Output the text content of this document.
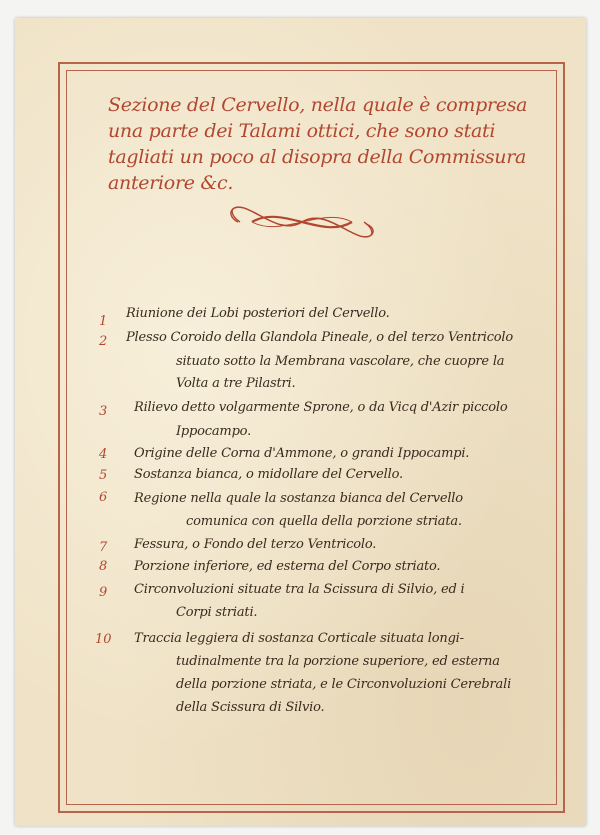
Sezione del Cervello, nella quale è compresa una parte dei Talami ottici, che sono stati tagliati un poco al disopra della Commissura anteriore &c.
1
Riunione dei Lobi posteriori del Cervello.
2 Plesso Coroido della Glandola Pineale, o del terzo Ventricolo
situato sotto la Membrana vascolare, che cuopre la
Volta a tre Pilastri.
3 Rilievo detto volgarmente Sprone, o da Vicq d'Azir piccolo
Ippocampo.
4 Origine delle Corna d'Ammone, o grandi Ippocampi.
5 Sostanza bianca, o midollare del Cervello.
6 Regione nella quale la sostanza bianca del Cervello
comunica con quella della porzione striata.
7 Fessura, o Fondo del terzo Ventricolo.
8 Porzione inferiore, ed esterna del Corpo striato.
9 Circonvoluzioni situate tra la Scissura di Silvio, ed i
Corpi striati.
10 Traccia leggiera di sostanza Corticale situata longi-
tudinalmente tra la porzione superiore, ed esterna
della porzione striata, e le Circonvoluzioni Cerebrali
della Scissura di Silvio.
